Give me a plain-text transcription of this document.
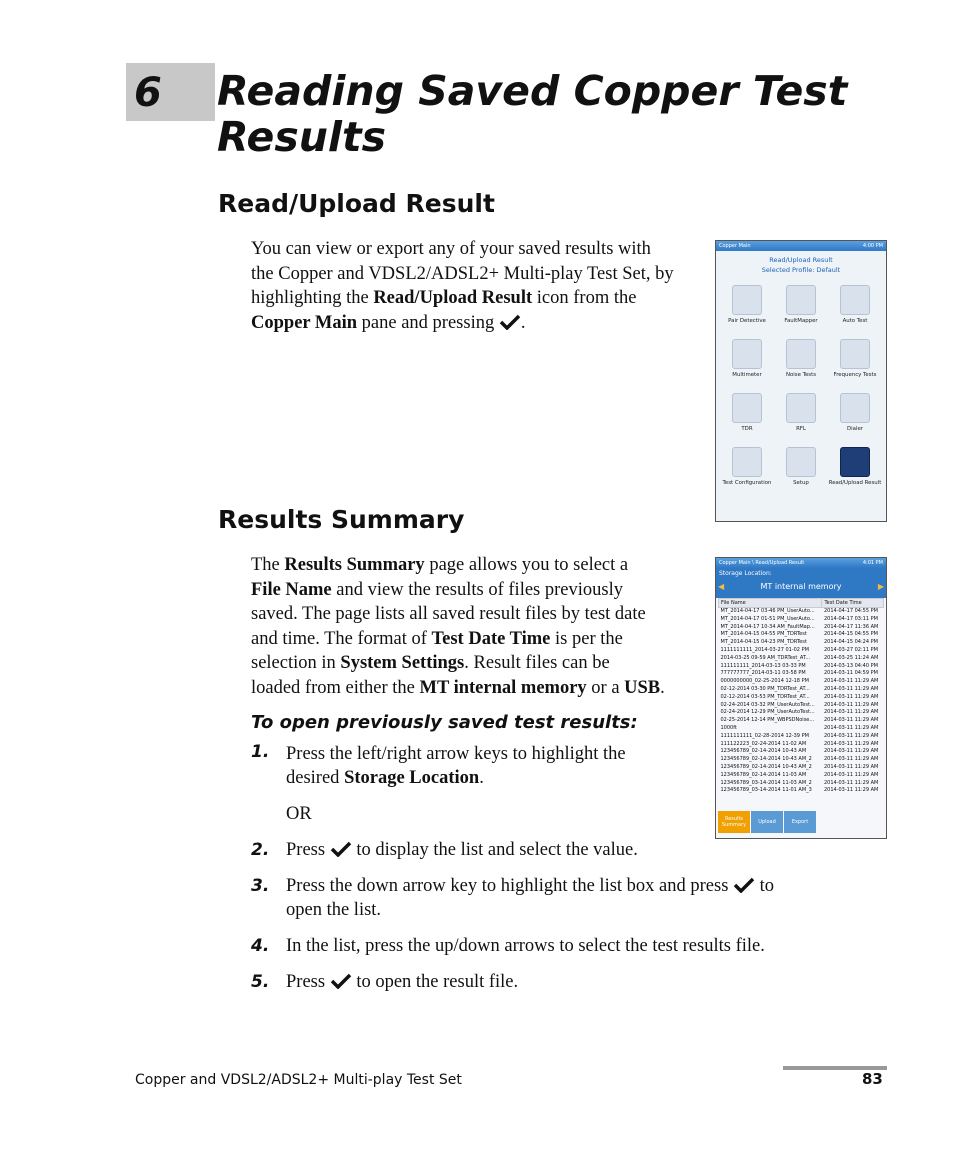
6 Reading Saved Copper Test Results
Read/Upload Result
You can view or export any of your saved results with
the Copper and VDSL2/ADSL2+ Multi-play Test Set, by
highlighting the Read/Upload Result icon from the
Copper Main pane and pressing .
Copper Main	4:00 PM
Read/Upload Result
Selected Profile: Default
Pair Detective	FaultMapper	Auto Test
Multimeter	Noise Tests	Frequency Tests
TDR	RFL	Dialer
Test Configuration	Setup	Read/Upload Result
Results Summary
The Results Summary page allows you to select a
File Name and view the results of files previously
saved. The page lists all saved result files by test date
and time. The format of Test Date Time is per the
selection in System Settings. Result files can be
loaded from either the MT internal memory or a USB.
Copper Main \ Read/Upload Result	4:01 PM
Storage Location:
◀	MT internal memory	▶
File Name	Test Date Time
MT_2014-04-17 03-46 PM_UserAuto...	2014-04-17 04:55 PM
MT_2014-04-17 01-51 PM_UserAuto...	2014-04-17 03:11 PM
MT_2014-04-17 10-34 AM_FaultMap...	2014-04-17 11:36 AM
MT_2014-04-15 04-55 PM_TDRTest	2014-04-15 04:55 PM
MT_2014-04-15 04-23 PM_TDRTest	2014-04-15 04:24 PM
1111111111_2014-03-27 01-02 PM	2014-03-27 02:11 PM
2014-03-25 09-59 AM_TDRTest_AT...	2014-03-25 11:24 AM
111111111_2014-03-13 03-33 PM	2014-03-13 04:40 PM
777777777_2014-03-11 03-58 PM	2014-03-11 04:59 PM
0000000000_02-25-2014 12-18 PM	2014-03-11 11:29 AM
02-12-2014 03-30 PM_TDRTest_AT...	2014-03-11 11:29 AM
02-12-2014 03-53 PM_TDRTest_AT...	2014-03-11 11:29 AM
02-24-2014 03-32 PM_UserAutoTest...	2014-03-11 11:29 AM
02-24-2014 12-29 PM_UserAutoTest...	2014-03-11 11:29 AM
02-25-2014 12-14 PM_WBPSDNoise...	2014-03-11 11:29 AM
1000ft	2014-03-11 11:29 AM
1111111111_02-28-2014 12-39 PM	2014-03-11 11:29 AM
111122223_02-24-2014 11-02 AM	2014-03-11 11:29 AM
123456789_02-14-2014 10-43 AM	2014-03-11 11:29 AM
123456789_02-14-2014 10-43 AM_2	2014-03-11 11:29 AM
123456789_02-14-2014 10-43 AM_2	2014-03-11 11:29 AM
123456789_02-14-2014 11-03 AM	2014-03-11 11:29 AM
123456789_03-14-2014 11-03 AM_2	2014-03-11 11:29 AM
123456789_03-14-2014 11-01 AM_3	2014-03-11 11:29 AM
Results Summary	Upload	Export
To open previously saved test results:
1. Press the left/right arrow keys to highlight the
desired Storage Location.
OR
2. Press  to display the list and select the value.
3. Press the down arrow key to highlight the list box and press  to
open the list.
4. In the list, press the up/down arrows to select the test results file.
5. Press  to open the result file.
Copper and VDSL2/ADSL2+ Multi-play Test Set	83
